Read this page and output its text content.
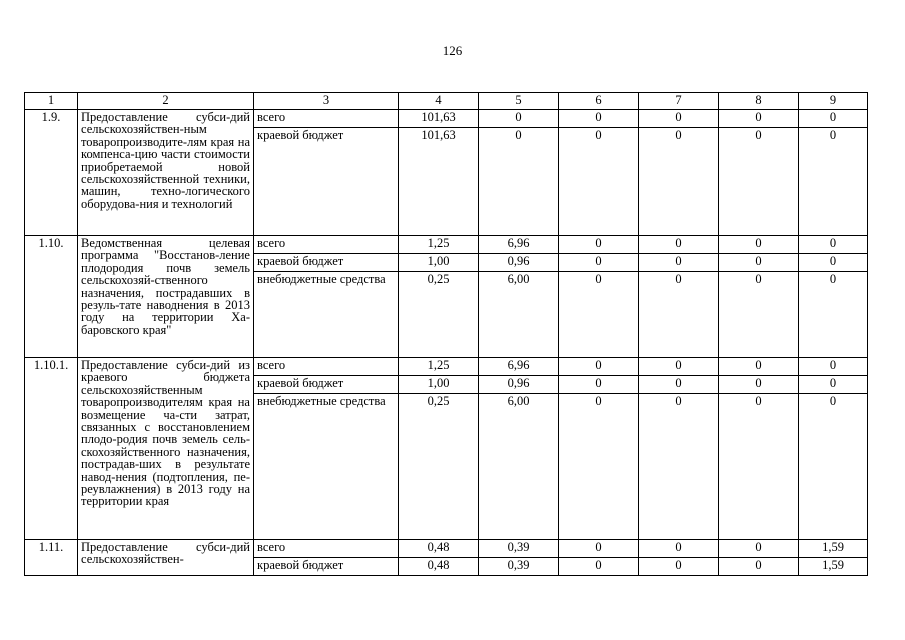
126
1	2	3	4	5	6	7	8	9
1.9.	Предоставление субси-дий сельскохозяйствен-ным товаропроизводите-лям края на компенса-цию части стоимости приобретаемой новой сельскохозяйственной техники, машин, техно-логического оборудова-ния и технологий	всего	101,63	0	0	0	0	0
		краевой бюджет	101,63	0	0	0	0	0
1.10.	Ведомственная целевая программа "Восстанов-ление плодородия почв земель сельскохозяй-ственного назначения, пострадавших в резуль-тате наводнения в 2013 году на территории Ха-баровского края"	всего	1,25	6,96	0	0	0	0
		краевой бюджет	1,00	0,96	0	0	0	0
		внебюджетные средства	0,25	6,00	0	0	0	0
1.10.1.	Предоставление субси-дий из краевого бюджета сельскохозяйственным товаропроизводителям края на возмещение ча-сти затрат, связанных с восстановлением плодо-родия почв земель сель-скохозяйственного назначения, пострадав-ших в результате навод-нения (подтопления, пе-реувлажнения) в 2013 году на территории края	всего	1,25	6,96	0	0	0	0
		краевой бюджет	1,00	0,96	0	0	0	0
		внебюджетные средства	0,25	6,00	0	0	0	0
1.11.	Предоставление субси-дий сельскохозяйствен-	всего	0,48	0,39	0	0	0	1,59
		краевой бюджет	0,48	0,39	0	0	0	1,59
